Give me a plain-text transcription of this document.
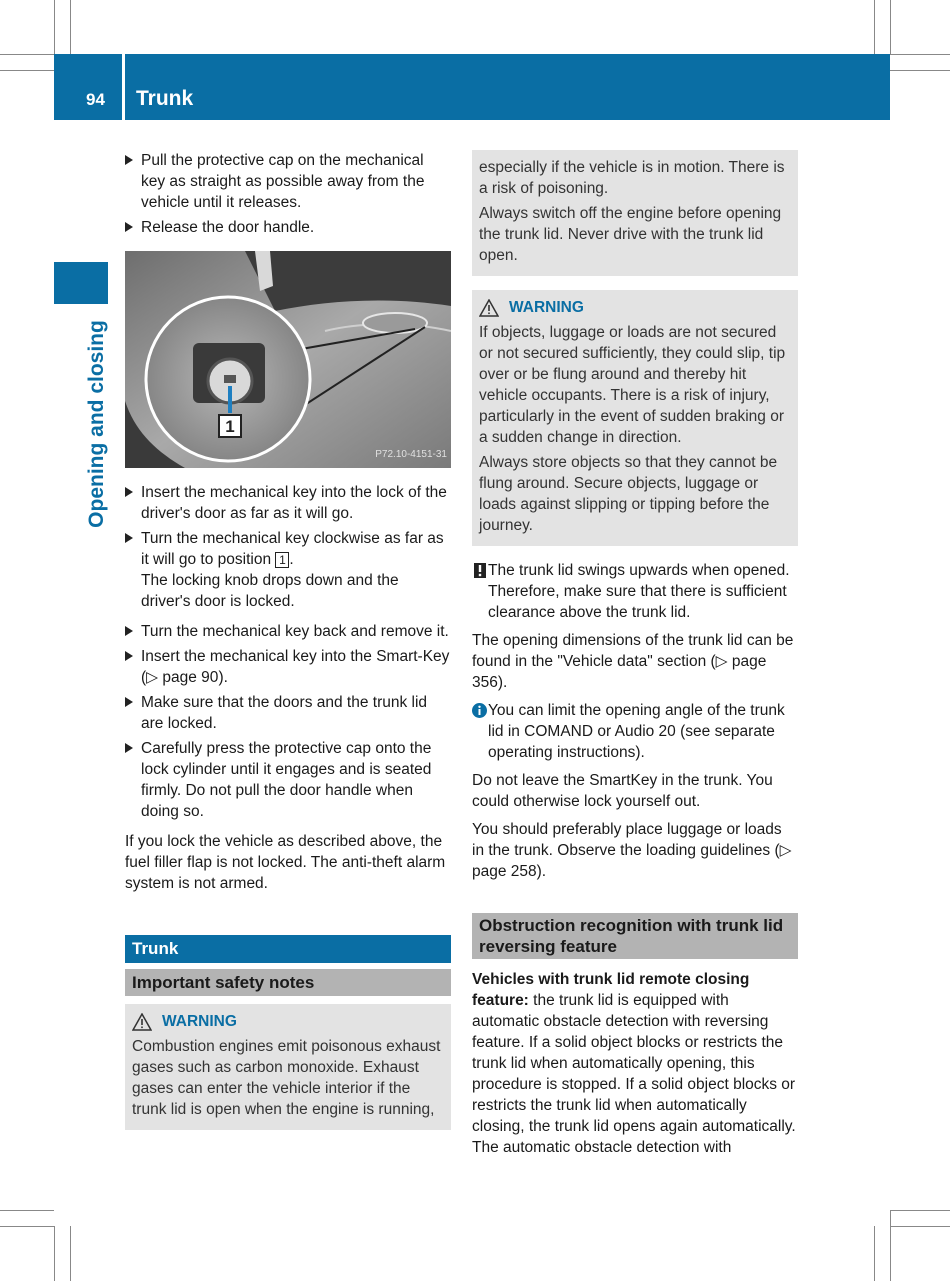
94 Trunk
Opening and closing
Pull the protective cap on the mechanical key as straight as possible away from the vehicle until it releases.
Release the door handle.
1
P72.10-4151-31
Insert the mechanical key into the lock of the driver's door as far as it will go.
Turn the mechanical key clockwise as far as it will go to position 1 .
The locking knob drops down and the driver's door is locked.
Turn the mechanical key back and remove it.
Insert the mechanical key into the Smart-Key (▷ page 90).
Make sure that the doors and the trunk lid are locked.
Carefully press the protective cap onto the lock cylinder until it engages and is seated firmly. Do not pull the door handle when doing so.

If you lock the vehicle as described above, the fuel filler flap is not locked. The anti-theft alarm system is not armed.

Trunk
Important safety notes
WARNING

Combustion engines emit poisonous exhaust gases such as carbon monoxide. Exhaust gases can enter the vehicle interior if the trunk lid is open when the engine is running,

especially if the vehicle is in motion. There is a risk of poisoning.

Always switch off the engine before opening the trunk lid. Never drive with the trunk lid open.

WARNING

If objects, luggage or loads are not secured or not secured sufficiently, they could slip, tip over or be flung around and thereby hit vehicle occupants. There is a risk of injury, particularly in the event of sudden braking or a sudden change in direction.

Always store objects so that they cannot be flung around. Secure objects, luggage or loads against slipping or tipping before the journey.

The trunk lid swings upwards when opened. Therefore, make sure that there is sufficient clearance above the trunk lid.

The opening dimensions of the trunk lid can be found in the "Vehicle data" section (▷ page 356).

You can limit the opening angle of the trunk lid in COMAND or Audio 20 (see separate operating instructions).

Do not leave the SmartKey in the trunk. You could otherwise lock yourself out.

You should preferably place luggage or loads in the trunk. Observe the loading guidelines (▷ page 258).

Obstruction recognition with trunk lid reversing feature

Vehicles with trunk lid remote closing feature: the trunk lid is equipped with automatic obstacle detection with reversing feature. If a solid object blocks or restricts the trunk lid when automatically opening, this procedure is stopped. If a solid object blocks or restricts the trunk lid when automatically closing, the trunk lid opens again automatically. The automatic obstacle detection with
